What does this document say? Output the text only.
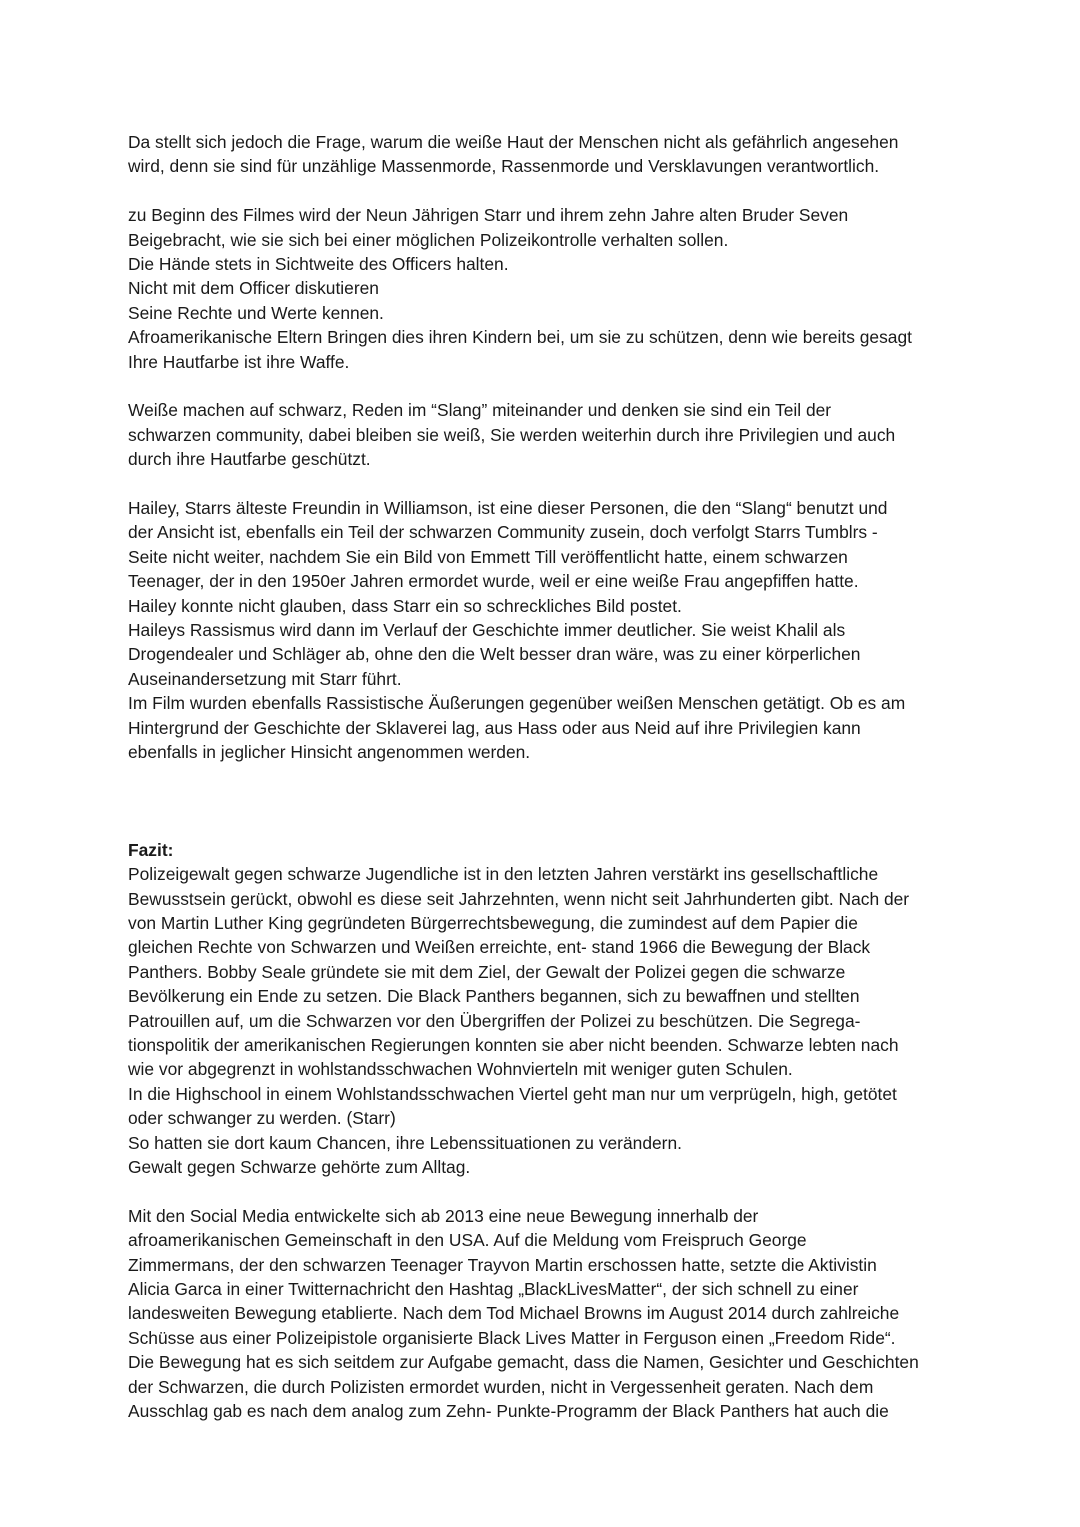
Da stellt sich jedoch die Frage, warum die weiße Haut der Menschen nicht als gefährlich angesehen
wird, denn sie sind für unzählige Massenmorde, Rassenmorde und Versklavungen verantwortlich.

zu Beginn des Filmes wird der Neun Jährigen Starr und ihrem zehn Jahre alten Bruder Seven
Beigebracht, wie sie sich bei einer möglichen Polizeikontrolle verhalten sollen.
Die Hände stets in Sichtweite des Officers halten.
Nicht mit dem Officer diskutieren
Seine Rechte und Werte kennen.
Afroamerikanische Eltern Bringen dies ihren Kindern bei, um sie zu schützen, denn wie bereits gesagt
Ihre Hautfarbe ist ihre Waffe.

Weiße machen auf schwarz, Reden im “Slang” miteinander und denken sie sind ein Teil der
schwarzen community, dabei bleiben sie weiß, Sie werden weiterhin durch ihre Privilegien und auch
durch ihre Hautfarbe geschützt.

Hailey, Starrs älteste Freundin in Williamson, ist eine dieser Personen, die den “Slang“ benutzt und
der Ansicht ist, ebenfalls ein Teil der schwarzen Community zusein, doch verfolgt Starrs Tumblrs -
Seite nicht weiter, nachdem Sie ein Bild von Emmett Till veröffentlicht hatte, einem schwarzen
Teenager, der in den 1950er Jahren ermordet wurde, weil er eine weiße Frau angepfiffen hatte.
Hailey konnte nicht glauben, dass Starr ein so schreckliches Bild postet.
Haileys Rassismus wird dann im Verlauf der Geschichte immer deutlicher. Sie weist Khalil als
Drogendealer und Schläger ab, ohne den die Welt besser dran wäre, was zu einer körperlichen
Auseinandersetzung mit Starr führt.
Im Film wurden ebenfalls Rassistische Äußerungen gegenüber weißen Menschen getätigt. Ob es am
Hintergrund der Geschichte der Sklaverei lag, aus Hass oder aus Neid auf ihre Privilegien kann
ebenfalls in jeglicher Hinsicht angenommen werden.

Fazit:

Polizeigewalt gegen schwarze Jugendliche ist in den letzten Jahren verstärkt ins gesellschaftliche
Bewusstsein gerückt, obwohl es diese seit Jahrzehnten, wenn nicht seit Jahrhunderten gibt. Nach der
von Martin Luther King gegründeten Bürgerrechtsbewegung, die zumindest auf dem Papier die
gleichen Rechte von Schwarzen und Weißen erreichte, ent- stand 1966 die Bewegung der Black
Panthers. Bobby Seale gründete sie mit dem Ziel, der Gewalt der Polizei gegen die schwarze
Bevölkerung ein Ende zu setzen. Die Black Panthers begannen, sich zu bewaffnen und stellten
Patrouillen auf, um die Schwarzen vor den Übergriffen der Polizei zu beschützen. Die Segrega-
tionspolitik der amerikanischen Regierungen konnten sie aber nicht beenden. Schwarze lebten nach
wie vor abgegrenzt in wohlstandsschwachen Wohnvierteln mit weniger guten Schulen.
In die Highschool in einem Wohlstandsschwachen Viertel geht man nur um verprügeln, high, getötet
oder schwanger zu werden. (Starr)
So hatten sie dort kaum Chancen, ihre Lebenssituationen zu verändern.
Gewalt gegen Schwarze gehörte zum Alltag.

Mit den Social Media entwickelte sich ab 2013 eine neue Bewegung innerhalb der
afroamerikanischen Gemeinschaft in den USA. Auf die Meldung vom Freispruch George
Zimmermans, der den schwarzen Teenager Trayvon Martin erschossen hatte, setzte die Aktivistin
Alicia Garca in einer Twitternachricht den Hashtag „BlackLivesMatter“, der sich schnell zu einer
landesweiten Bewegung etablierte. Nach dem Tod Michael Browns im August 2014 durch zahlreiche
Schüsse aus einer Polizeipistole organisierte Black Lives Matter in Ferguson einen „Freedom Ride“.
Die Bewegung hat es sich seitdem zur Aufgabe gemacht, dass die Namen, Gesichter und Geschichten
der Schwarzen, die durch Polizisten ermordet wurden, nicht in Vergessenheit geraten. Nach dem
Ausschlag gab es nach dem analog zum Zehn- Punkte-Programm der Black Panthers hat auch die
